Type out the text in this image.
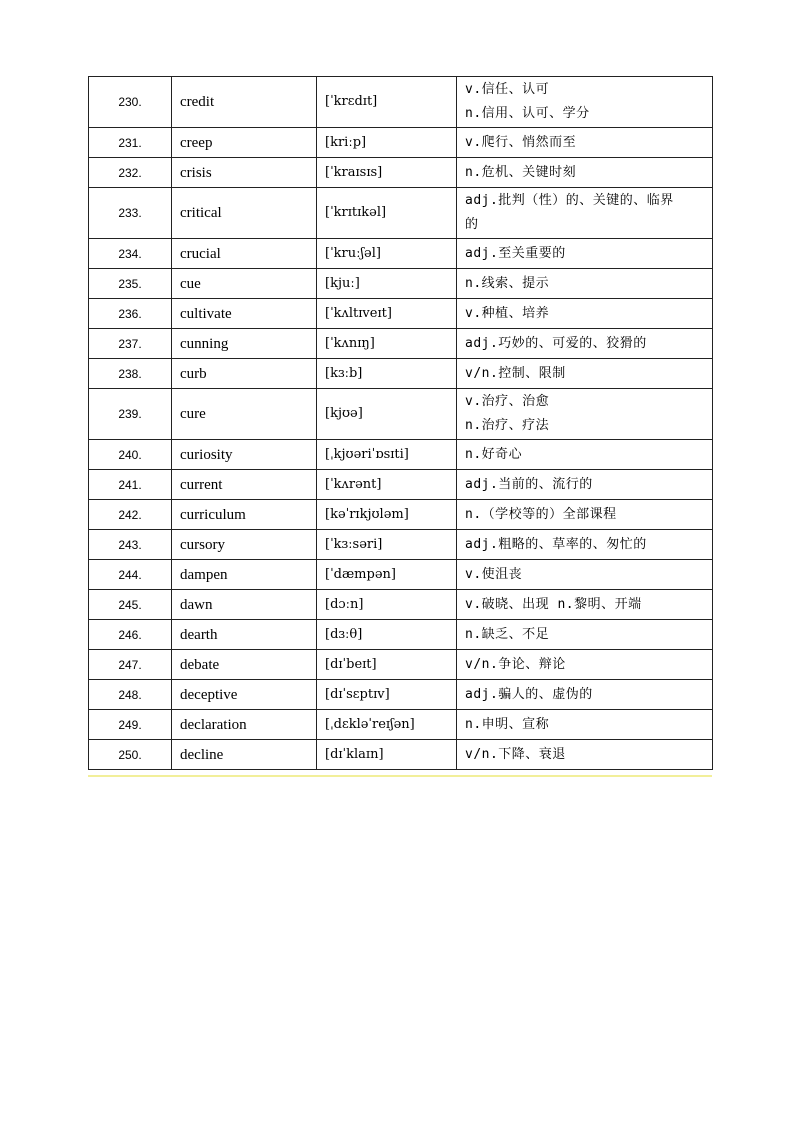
230.	credit	[ˈkrɛdɪt]	v.信任、认可
n.信用、认可、学分

231.	creep	[kriːp]	v.爬行、悄然而至

232.	crisis	[ˈkraɪsɪs]	n.危机、关键时刻

233.	critical	[ˈkrɪtɪkəl]	adj.批判（性）的、关键的、临界
的

234.	crucial	[ˈkruːʃəl]	adj.至关重要的

235.	cue	[kjuː]	n.线索、提示

236.	cultivate	[ˈkʌltɪveɪt]	v.种植、培养

237.	cunning	[ˈkʌnɪŋ]	adj.巧妙的、可爱的、狡猾的

238.	curb	[kɜːb]	v/n.控制、限制

239.	cure	[kjʊə]	v.治疗、治愈
n.治疗、疗法

240.	curiosity	[ˌkjʊəriˈɒsɪti]	n.好奇心

241.	current	[ˈkʌrənt]	adj.当前的、流行的

242.	curriculum	[kəˈrɪkjʊləm]	n.（学校等的）全部课程

243.	cursory	[ˈkɜːsəri]	adj.粗略的、草率的、匆忙的

244.	dampen	[ˈdæmpən]	v.使沮丧

245.	dawn	[dɔːn]	v.破晓、出现 n.黎明、开端

246.	dearth	[dɜːθ]	n.缺乏、不足

247.	debate	[dɪˈbeɪt]	v/n.争论、辩论

248.	deceptive	[dɪˈsɛptɪv]	adj.骗人的、虚伪的

249.	declaration	[ˌdɛkləˈreɪʃən]	n.申明、宣称

250.	decline	[dɪˈklaɪn]	v/n.下降、衰退
